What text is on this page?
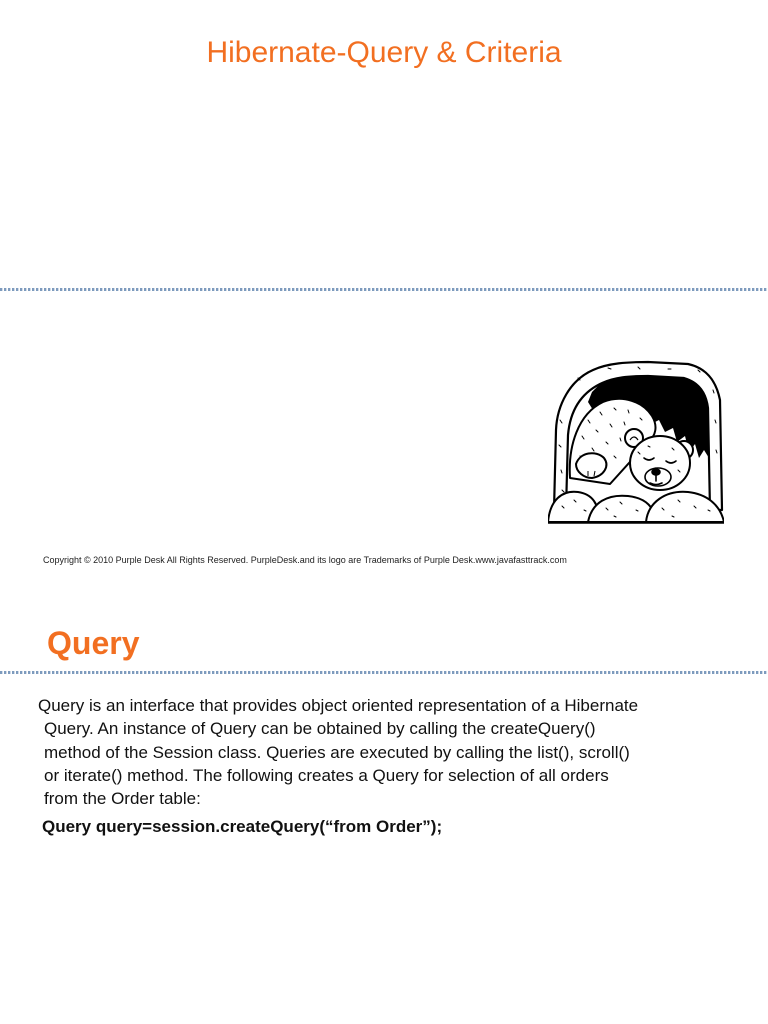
Hibernate-Query & Criteria
Copyright © 2010 Purple Desk All Rights Reserved. PurpleDesk.and its logo are Trademarks of Purple Desk.www.javafasttrack.com
Query
Query is an interface that provides object oriented representation of a Hibernate
Query. An instance of Query can be obtained by calling the createQuery()
method of the Session class. Queries are executed by calling the list(), scroll()
or iterate() method. The following creates a Query for selection of all orders
from the Order table:
Query query=session.createQuery(“from Order”);
